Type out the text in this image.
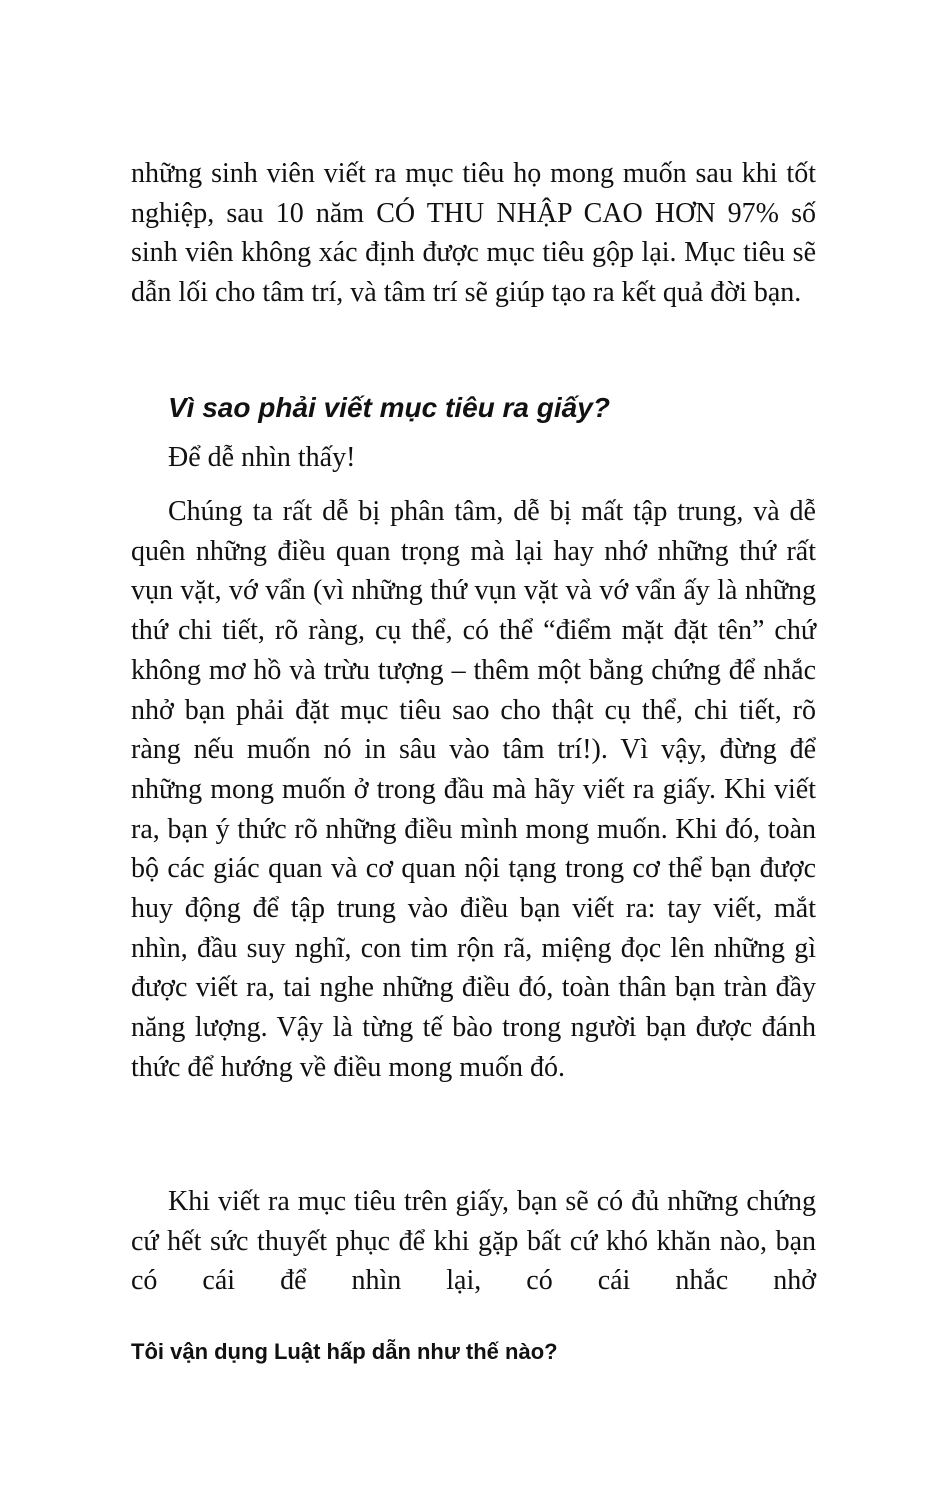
những sinh viên viết ra mục tiêu họ mong muốn sau khi tốt nghiệp, sau 10 năm CÓ THU NHẬP CAO HƠN 97% số sinh viên không xác định được mục tiêu gộp lại. Mục tiêu sẽ dẫn lối cho tâm trí, và tâm trí sẽ giúp tạo ra kết quả đời bạn.

Vì sao phải viết mục tiêu ra giấy?

Để dễ nhìn thấy!

Chúng ta rất dễ bị phân tâm, dễ bị mất tập trung, và dễ quên những điều quan trọng mà lại hay nhớ những thứ rất vụn vặt, vớ vẩn (vì những thứ vụn vặt và vớ vẩn ấy là những thứ chi tiết, rõ ràng, cụ thể, có thể “điểm mặt đặt tên” chứ không mơ hồ và trừu tượng – thêm một bằng chứng để nhắc nhở bạn phải đặt mục tiêu sao cho thật cụ thể, chi tiết, rõ ràng nếu muốn nó in sâu vào tâm trí!). Vì vậy, đừng để những mong muốn ở trong đầu mà hãy viết ra giấy. Khi viết ra, bạn ý thức rõ những điều mình mong muốn. Khi đó, toàn bộ các giác quan và cơ quan nội tạng trong cơ thể bạn được huy động để tập trung vào điều bạn viết ra: tay viết, mắt nhìn, đầu suy nghĩ, con tim rộn rã, miệng đọc lên những gì được viết ra, tai nghe những điều đó, toàn thân bạn tràn đầy năng lượng. Vậy là từng tế bào trong người bạn được đánh thức để hướng về điều mong muốn đó.

Khi viết ra mục tiêu trên giấy, bạn sẽ có đủ những chứng cứ hết sức thuyết phục để khi gặp bất cứ khó khăn nào, bạn có cái để nhìn lại, có cái nhắc nhở

Tôi vận dụng Luật hấp dẫn như thế nào?
